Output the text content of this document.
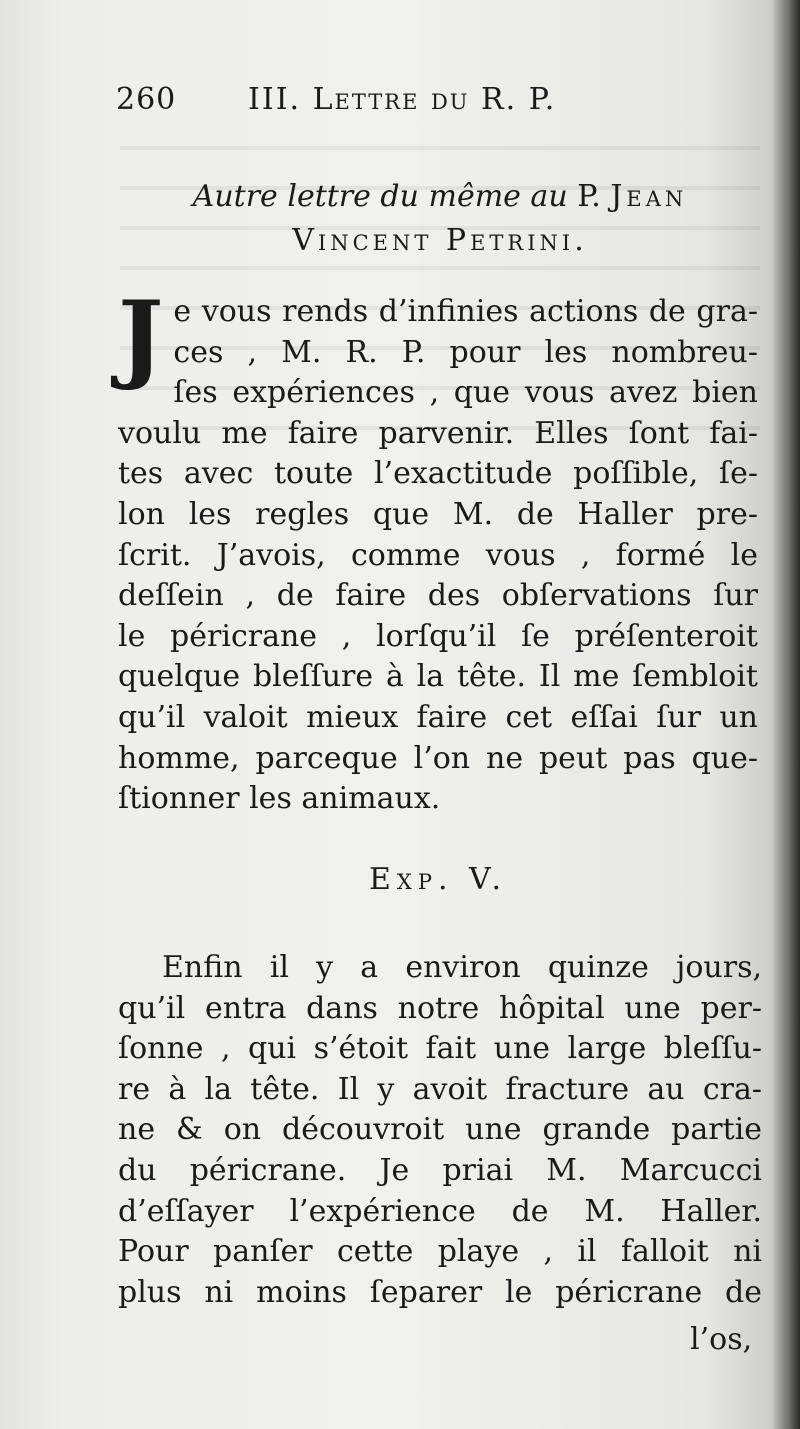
260 III. Lettre du R. P.
Autre lettre du même au P. Jean
Vincent Petrini.
J e vous rends d’infinies actions de gra-
ces , M. R. P. pour les nombreu-
ſes expériences , que vous avez bien
voulu me faire parvenir. Elles ſont fai-
tes avec toute l’exactitude poſſible, ſe-
lon les regles que M. de Haller pre-
ſcrit. J’avois, comme vous , formé le
deſſein , de faire des obſervations ſur
le péricrane , lorſqu’il ſe préſenteroit
quelque bleſſure à la tête. Il me ſembloit
qu’il valoit mieux faire cet eſſai ſur un
homme, parceque l’on ne peut pas que-
ſtionner les animaux.
Exp. V.
Enfin il y a environ quinze jours,
qu’il entra dans notre hôpital une per-
ſonne , qui s’étoit fait une large bleſſu-
re à la tête. Il y avoit fracture au cra-
ne & on découvroit une grande partie
du péricrane. Je priai M. Marcucci
d’eſſayer l’expérience de M. Haller.
Pour panſer cette playe , il falloit ni
plus ni moins ſeparer le péricrane de
l’os,
